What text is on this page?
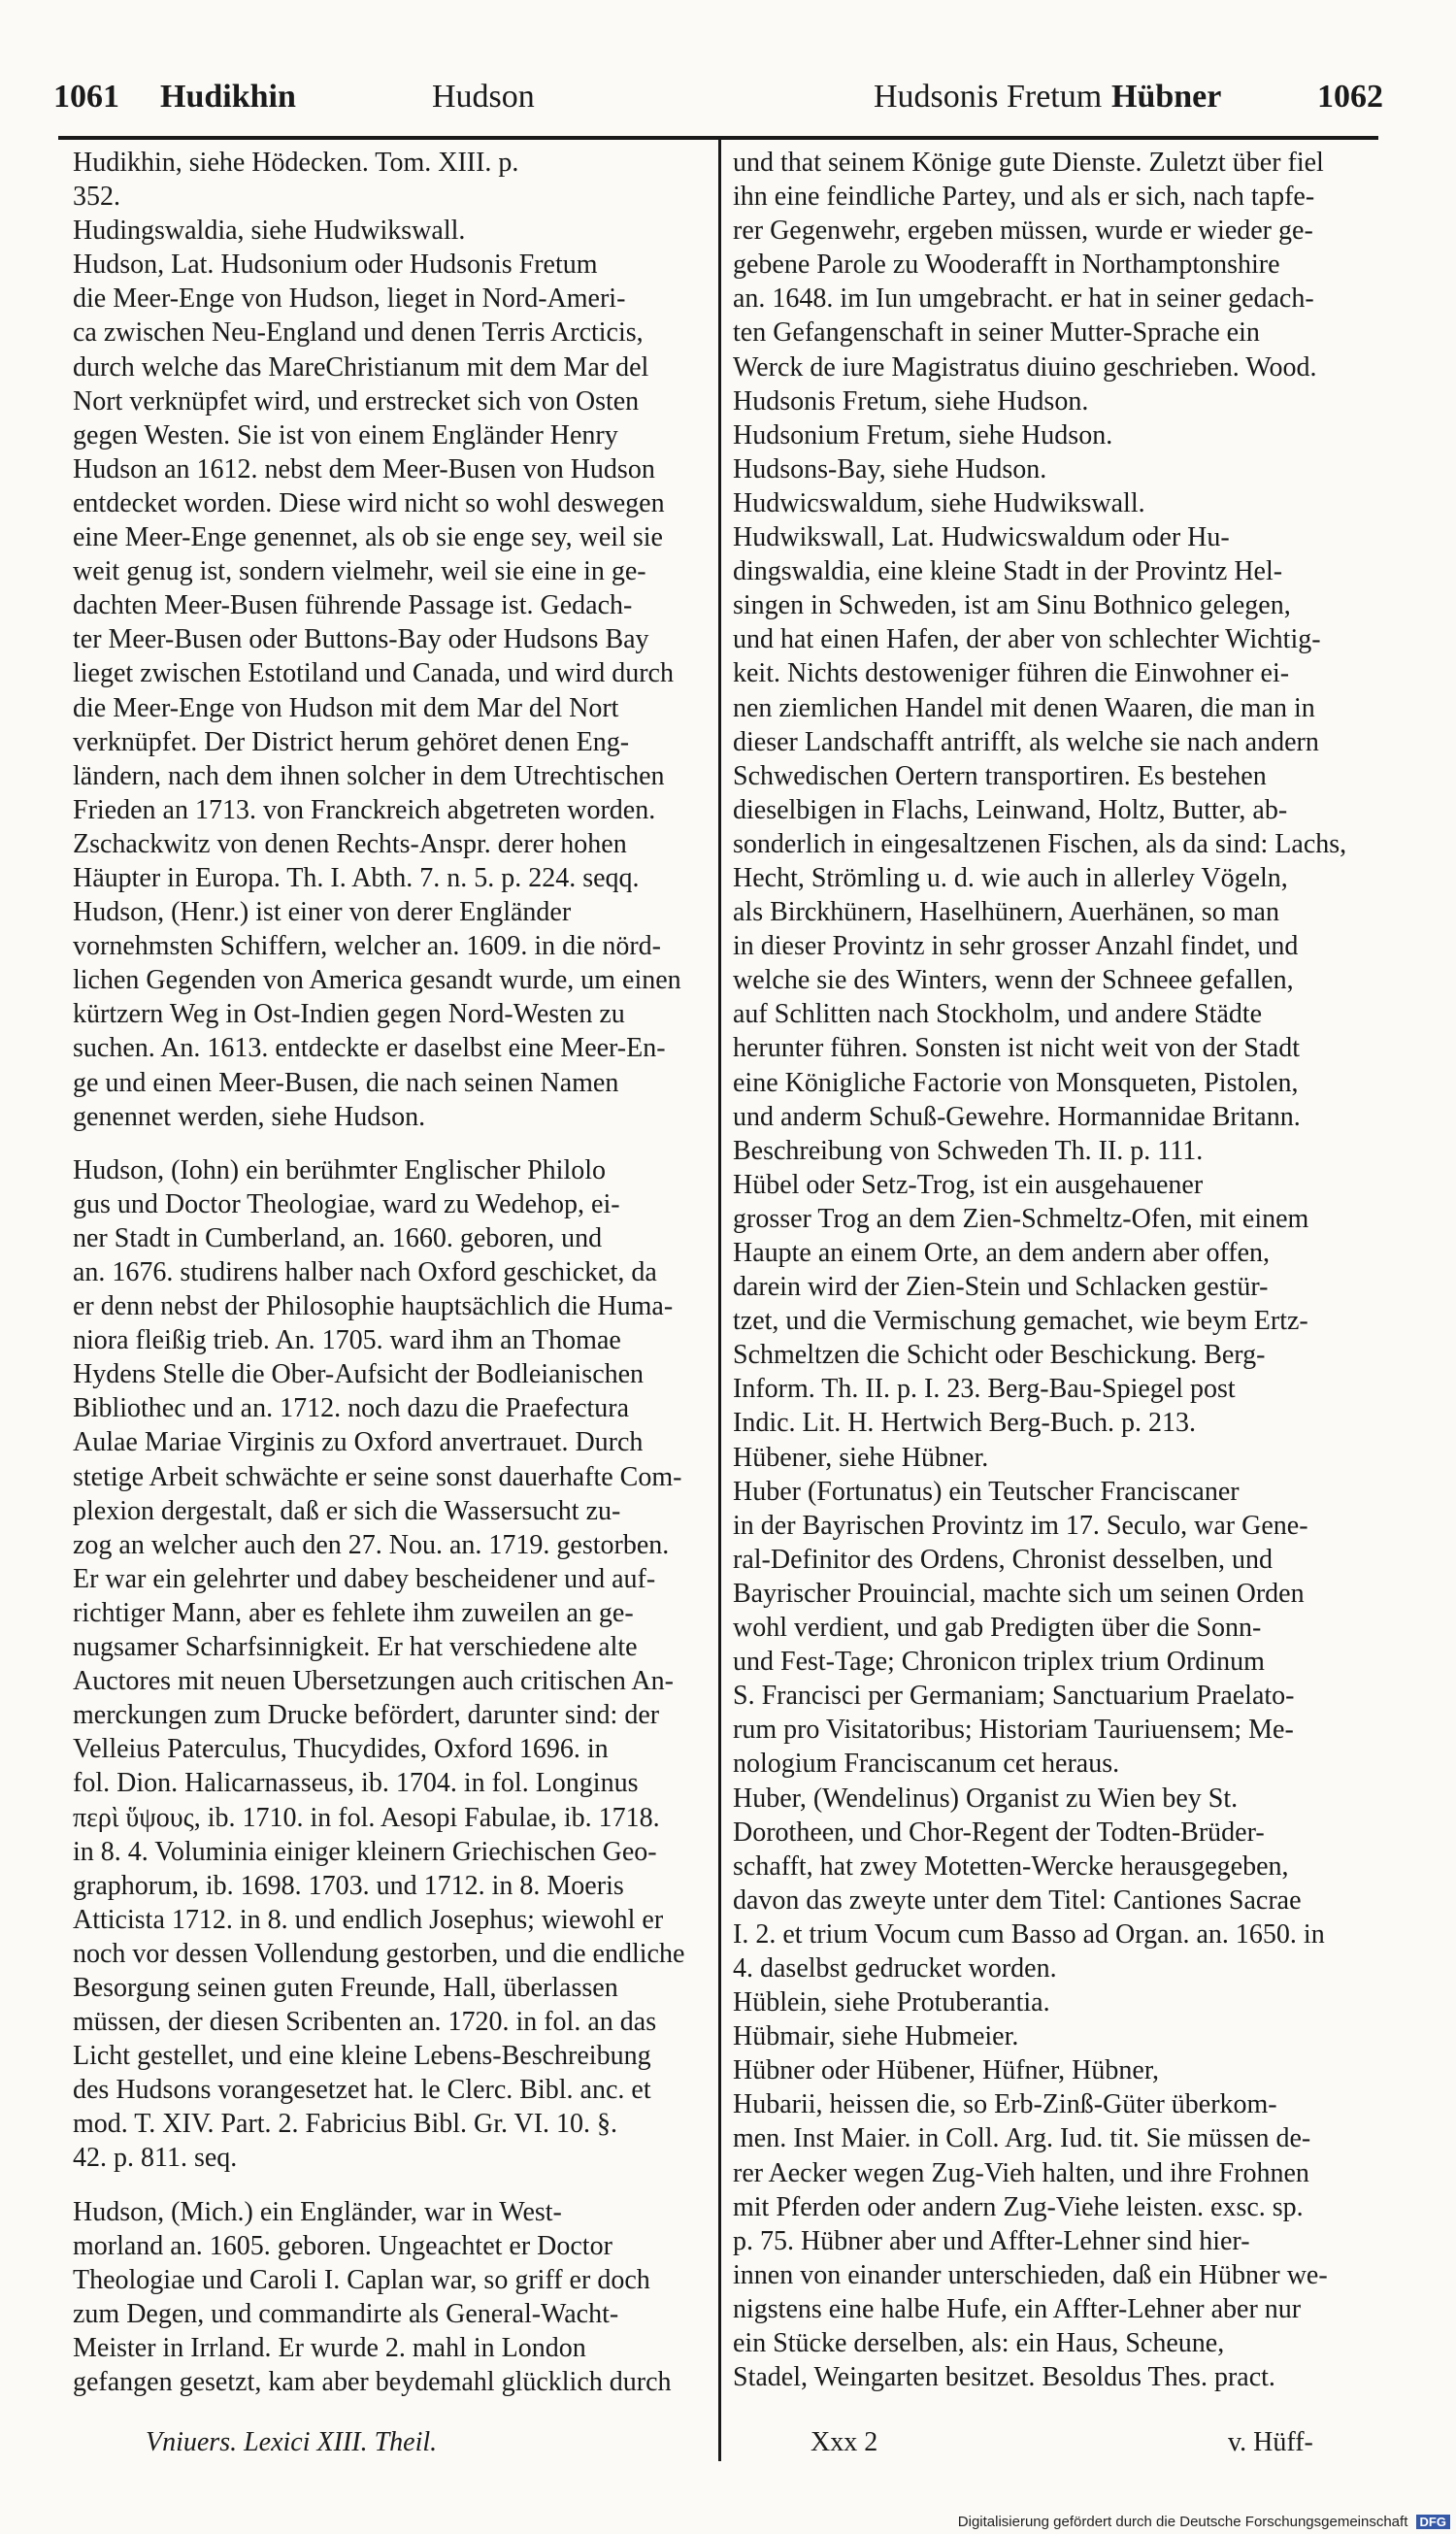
1061 Hudikhin	Hudson	Hudsonis Fretum Hübner	1062
Hudikhin, siehe Hödecken. Tom. XIII. p.
352.
Hudingswaldia, siehe Hudwikswall.
Hudson, Lat. Hudsonium oder Hudsonis Fretum
die Meer-Enge von Hudson, lieget in Nord-Ameri-
ca zwischen Neu-England und denen Terris Arcticis,
durch welche das MareChristianum mit dem Mar del
Nort verknüpfet wird, und erstrecket sich von Osten
gegen Westen. Sie ist von einem Engländer Henry
Hudson an 1612. nebst dem Meer-Busen von Hudson
entdecket worden. Diese wird nicht so wohl deswegen
eine Meer-Enge genennet, als ob sie enge sey, weil sie
weit genug ist, sondern vielmehr, weil sie eine in ge-
dachten Meer-Busen führende Passage ist. Gedach-
ter Meer-Busen oder Buttons-Bay oder Hudsons Bay
lieget zwischen Estotiland und Canada, und wird durch
die Meer-Enge von Hudson mit dem Mar del Nort
verknüpfet. Der District herum gehöret denen Eng-
ländern, nach dem ihnen solcher in dem Utrechtischen
Frieden an 1713. von Franckreich abgetreten worden.
Zschackwitz von denen Rechts-Anspr. derer hohen
Häupter in Europa. Th. I. Abth. 7. n. 5. p. 224. seqq.
Hudson, (Henr.) ist einer von derer Engländer
vornehmsten Schiffern, welcher an. 1609. in die nörd-
lichen Gegenden von America gesandt wurde, um einen
kürtzern Weg in Ost-Indien gegen Nord-Westen zu
suchen. An. 1613. entdeckte er daselbst eine Meer-En-
ge und einen Meer-Busen, die nach seinen Namen
genennet werden, siehe Hudson.
Hudson, (Iohn) ein berühmter Englischer Philolo
gus und Doctor Theologiae, ward zu Wedehop, ei-
ner Stadt in Cumberland, an. 1660. geboren, und
an. 1676. studirens halber nach Oxford geschicket, da
er denn nebst der Philosophie hauptsächlich die Huma-
niora fleißig trieb. An. 1705. ward ihm an Thomae
Hydens Stelle die Ober-Aufsicht der Bodleianischen
Bibliothec und an. 1712. noch dazu die Praefectura
Aulae Mariae Virginis zu Oxford anvertrauet. Durch
stetige Arbeit schwächte er seine sonst dauerhafte Com-
plexion dergestalt, daß er sich die Wassersucht zu-
zog an welcher auch den 27. Nou. an. 1719. gestorben.
Er war ein gelehrter und dabey bescheidener und auf-
richtiger Mann, aber es fehlete ihm zuweilen an ge-
nugsamer Scharfsinnigkeit. Er hat verschiedene alte
Auctores mit neuen Ubersetzungen auch critischen An-
merckungen zum Drucke befördert, darunter sind: der
Velleius Paterculus, Thucydides, Oxford 1696. in
fol. Dion. Halicarnasseus, ib. 1704. in fol. Longinus
περὶ ὕψους, ib. 1710. in fol. Aesopi Fabulae, ib. 1718.
in 8. 4. Voluminia einiger kleinern Griechischen Geo-
graphorum, ib. 1698. 1703. und 1712. in 8. Moeris
Atticista 1712. in 8. und endlich Josephus; wiewohl er
noch vor dessen Vollendung gestorben, und die endliche
Besorgung seinen guten Freunde, Hall, überlassen
müssen, der diesen Scribenten an. 1720. in fol. an das
Licht gestellet, und eine kleine Lebens-Beschreibung
des Hudsons vorangesetzet hat. le Clerc. Bibl. anc. et
mod. T. XIV. Part. 2. Fabricius Bibl. Gr. VI. 10. §.
42. p. 811. seq.
Hudson, (Mich.) ein Engländer, war in West-
morland an. 1605. geboren. Ungeachtet er Doctor
Theologiae und Caroli I. Caplan war, so griff er doch
zum Degen, und commandirte als General-Wacht-
Meister in Irrland. Er wurde 2. mahl in London
gefangen gesetzt, kam aber beydemahl glücklich durch
und that seinem Könige gute Dienste. Zuletzt über fiel
ihn eine feindliche Partey, und als er sich, nach tapfe-
rer Gegenwehr, ergeben müssen, wurde er wieder ge-
gebene Parole zu Wooderafft in Northamptonshire
an. 1648. im Iun umgebracht. er hat in seiner gedach-
ten Gefangenschaft in seiner Mutter-Sprache ein
Werck de iure Magistratus diuino geschrieben. Wood.
Hudsonis Fretum, siehe Hudson.
Hudsonium Fretum, siehe Hudson.
Hudsons-Bay, siehe Hudson.
Hudwicswaldum, siehe Hudwikswall.
Hudwikswall, Lat. Hudwicswaldum oder Hu-
dingswaldia, eine kleine Stadt in der Provintz Hel-
singen in Schweden, ist am Sinu Bothnico gelegen,
und hat einen Hafen, der aber von schlechter Wichtig-
keit. Nichts destoweniger führen die Einwohner ei-
nen ziemlichen Handel mit denen Waaren, die man in
dieser Landschafft antrifft, als welche sie nach andern
Schwedischen Oertern transportiren. Es bestehen
dieselbigen in Flachs, Leinwand, Holtz, Butter, ab-
sonderlich in eingesaltzenen Fischen, als da sind: Lachs,
Hecht, Strömling u. d. wie auch in allerley Vögeln,
als Birckhünern, Haselhünern, Auerhänen, so man
in dieser Provintz in sehr grosser Anzahl findet, und
welche sie des Winters, wenn der Schneee gefallen,
auf Schlitten nach Stockholm, und andere Städte
herunter führen. Sonsten ist nicht weit von der Stadt
eine Königliche Factorie von Monsqueten, Pistolen,
und anderm Schuß-Gewehre. Hormannidae Britann.
Beschreibung von Schweden Th. II. p. 111.
Hübel oder Setz-Trog, ist ein ausgehauener
grosser Trog an dem Zien-Schmeltz-Ofen, mit einem
Haupte an einem Orte, an dem andern aber offen,
darein wird der Zien-Stein und Schlacken gestür-
tzet, und die Vermischung gemachet, wie beym Ertz-
Schmeltzen die Schicht oder Beschickung. Berg-
Inform. Th. II. p. I. 23. Berg-Bau-Spiegel post
Indic. Lit. H. Hertwich Berg-Buch. p. 213.
Hübener, siehe Hübner.
Huber (Fortunatus) ein Teutscher Franciscaner
in der Bayrischen Provintz im 17. Seculo, war Gene-
ral-Definitor des Ordens, Chronist desselben, und
Bayrischer Prouincial, machte sich um seinen Orden
wohl verdient, und gab Predigten über die Sonn-
und Fest-Tage; Chronicon triplex trium Ordinum
S. Francisci per Germaniam; Sanctuarium Praelato-
rum pro Visitatoribus; Historiam Tauriuensem; Me-
nologium Franciscanum cet heraus.
Huber, (Wendelinus) Organist zu Wien bey St.
Dorotheen, und Chor-Regent der Todten-Brüder-
schafft, hat zwey Motetten-Wercke herausgegeben,
davon das zweyte unter dem Titel: Cantiones Sacrae
I. 2. et trium Vocum cum Basso ad Organ. an. 1650. in
4. daselbst gedrucket worden.
Hüblein, siehe Protuberantia.
Hübmair, siehe Hubmeier.
Hübner oder Hübener, Hüfner, Hübner,
Hubarii, heissen die, so Erb-Zinß-Güter überkom-
men. Inst Maier. in Coll. Arg. Iud. tit. Sie müssen de-
rer Aecker wegen Zug-Vieh halten, und ihre Frohnen
mit Pferden oder andern Zug-Viehe leisten. exsc. sp.
p. 75. Hübner aber und Affter-Lehner sind hier-
innen von einander unterschieden, daß ein Hübner we-
nigstens eine halbe Hufe, ein Affter-Lehner aber nur
ein Stücke derselben, als: ein Haus, Scheune,
Stadel, Weingarten besitzet. Besoldus Thes. pract.
Vniuers. Lexici XIII. Theil.	Xxx 2	v. Hüff-
Digitalisierung gefördert durch die Deutsche Forschungsgemeinschaft DFG
